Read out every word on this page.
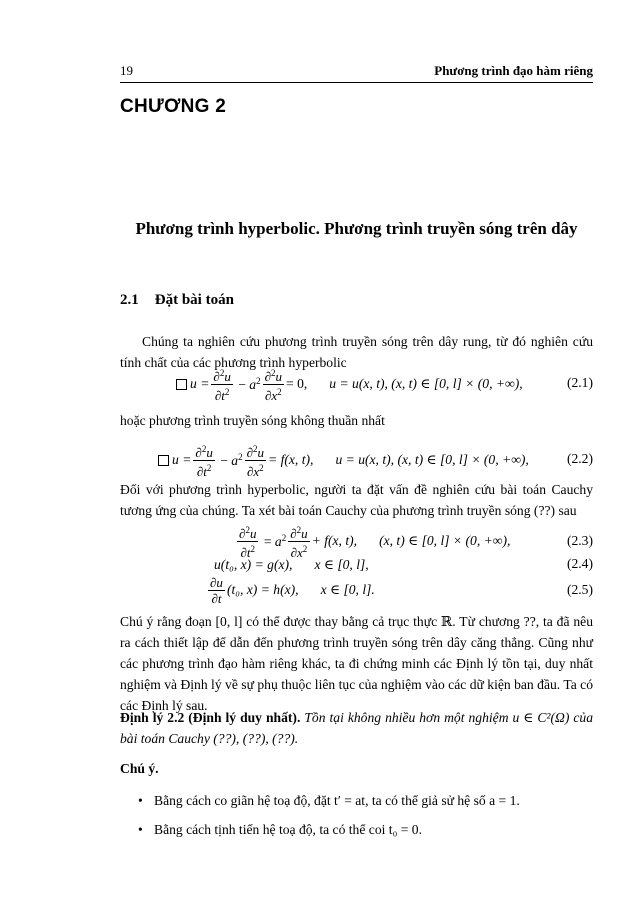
19	Phương trình đạo hàm riêng
CHƯƠNG 2
Phương trình hyperbolic. Phương trình truyền sóng trên dây
2.1 Đặt bài toán
Chúng ta nghiên cứu phương trình truyền sóng trên dây rung, từ đó nghiên cứu tính chất của các phương trình hyperbolic
$u = \frac{\partial^2u}{\partial t^2} - a^2 \frac{\partial^2u}{\partial x^2} = 0$, u = u(x, t), (x, t) ∈ [0, l] × (0, +∞),	(2.1)
hoặc phương trình truyền sóng không thuần nhất
$u = \frac{\partial^2u}{\partial t^2} - a^2 \frac{\partial^2u}{\partial x^2} = f(x$, t), u = u(x, t), (x, t) ∈ [0, l] × (0, +∞),	(2.2)
Đối với phương trình hyperbolic, người ta đặt vấn đề nghiên cứu bài toán Cauchy tương ứng của chúng. Ta xét bài toán Cauchy của phương trình truyền sóng (??) sau
$\frac{\partial^2u}{\partial t^2} = a^2 \frac{\partial^2u}{\partial x^2} + f(x$, t), (x, t) ∈ [0, l] × (0, +∞),	(2.3)
u(t₀, x) = g(x), x ∈ [0, l],	(2.4)
$\frac{\partial u}{\partial t} (t_0$, x) = h(x), x ∈ [0, l].	(2.5)
Chú ý rằng đoạn [0, l] có thể được thay bằng cả trục thực ℝ. Từ chương ??, ta đã nêu ra cách thiết lập để dẫn đến phương trình truyền sóng trên dây căng thẳng. Cũng như các phương trình đạo hàm riêng khác, ta đi chứng minh các Định lý tồn tại, duy nhất nghiệm và Định lý về sự phụ thuộc liên tục của nghiệm vào các dữ kiện ban đầu. Ta có các Định lý sau.
Định lý 2.2 (Định lý duy nhất). Tồn tại không nhiều hơn một nghiệm u ∈ C²(Ω) của bài toán Cauchy (??), (??), (??).
Chú ý.
• Bằng cách co giãn hệ toạ độ, đặt t′ = at, ta có thể giả sử hệ số a = 1.
• Bằng cách tịnh tiến hệ toạ độ, ta có thể coi t₀ = 0.
